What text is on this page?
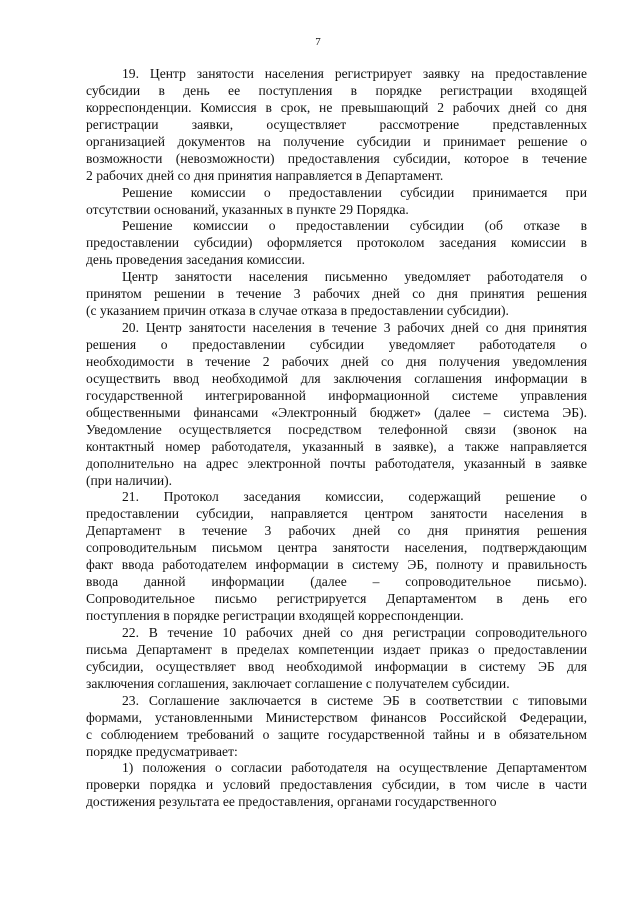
7
19. Центр занятости населения регистрирует заявку на предоставление
субсидии в день ее поступления в порядке регистрации входящей
корреспонденции. Комиссия в срок, не превышающий 2 рабочих дней со дня
регистрации заявки, осуществляет рассмотрение представленных
организацией документов на получение субсидии и принимает решение о
возможности (невозможности) предоставления субсидии, которое в течение
2 рабочих дней со дня принятия направляется в Департамент.
Решение комиссии о предоставлении субсидии принимается при
отсутствии оснований, указанных в пункте 29 Порядка.
Решение комиссии о предоставлении субсидии (об отказе в
предоставлении субсидии) оформляется протоколом заседания комиссии в
день проведения заседания комиссии.
Центр занятости населения письменно уведомляет работодателя о
принятом решении в течение 3 рабочих дней со дня принятия решения
(с указанием причин отказа в случае отказа в предоставлении субсидии).
20. Центр занятости населения в течение 3 рабочих дней со дня принятия
решения о предоставлении субсидии уведомляет работодателя о
необходимости в течение 2 рабочих дней со дня получения уведомления
осуществить ввод необходимой для заключения соглашения информации в
государственной интегрированной информационной системе управления
общественными финансами «Электронный бюджет» (далее – система ЭБ).
Уведомление осуществляется посредством телефонной связи (звонок на
контактный номер работодателя, указанный в заявке), а также направляется
дополнительно на адрес электронной почты работодателя, указанный в заявке
(при наличии).
21. Протокол заседания комиссии, содержащий решение о
предоставлении субсидии, направляется центром занятости населения в
Департамент в течение 3 рабочих дней со дня принятия решения
сопроводительным письмом центра занятости населения, подтверждающим
факт ввода работодателем информации в систему ЭБ, полноту и правильность
ввода данной информации (далее – сопроводительное письмо).
Сопроводительное письмо регистрируется Департаментом в день его
поступления в порядке регистрации входящей корреспонденции.
22. В течение 10 рабочих дней со дня регистрации сопроводительного
письма Департамент в пределах компетенции издает приказ о предоставлении
субсидии, осуществляет ввод необходимой информации в систему ЭБ для
заключения соглашения, заключает соглашение с получателем субсидии.
23. Соглашение заключается в системе ЭБ в соответствии с типовыми
формами, установленными Министерством финансов Российской Федерации,
с соблюдением требований о защите государственной тайны и в обязательном
порядке предусматривает:
1) положения о согласии работодателя на осуществление Департаментом
проверки порядка и условий предоставления субсидии, в том числе в части
достижения результата ее предоставления, органами государственного
